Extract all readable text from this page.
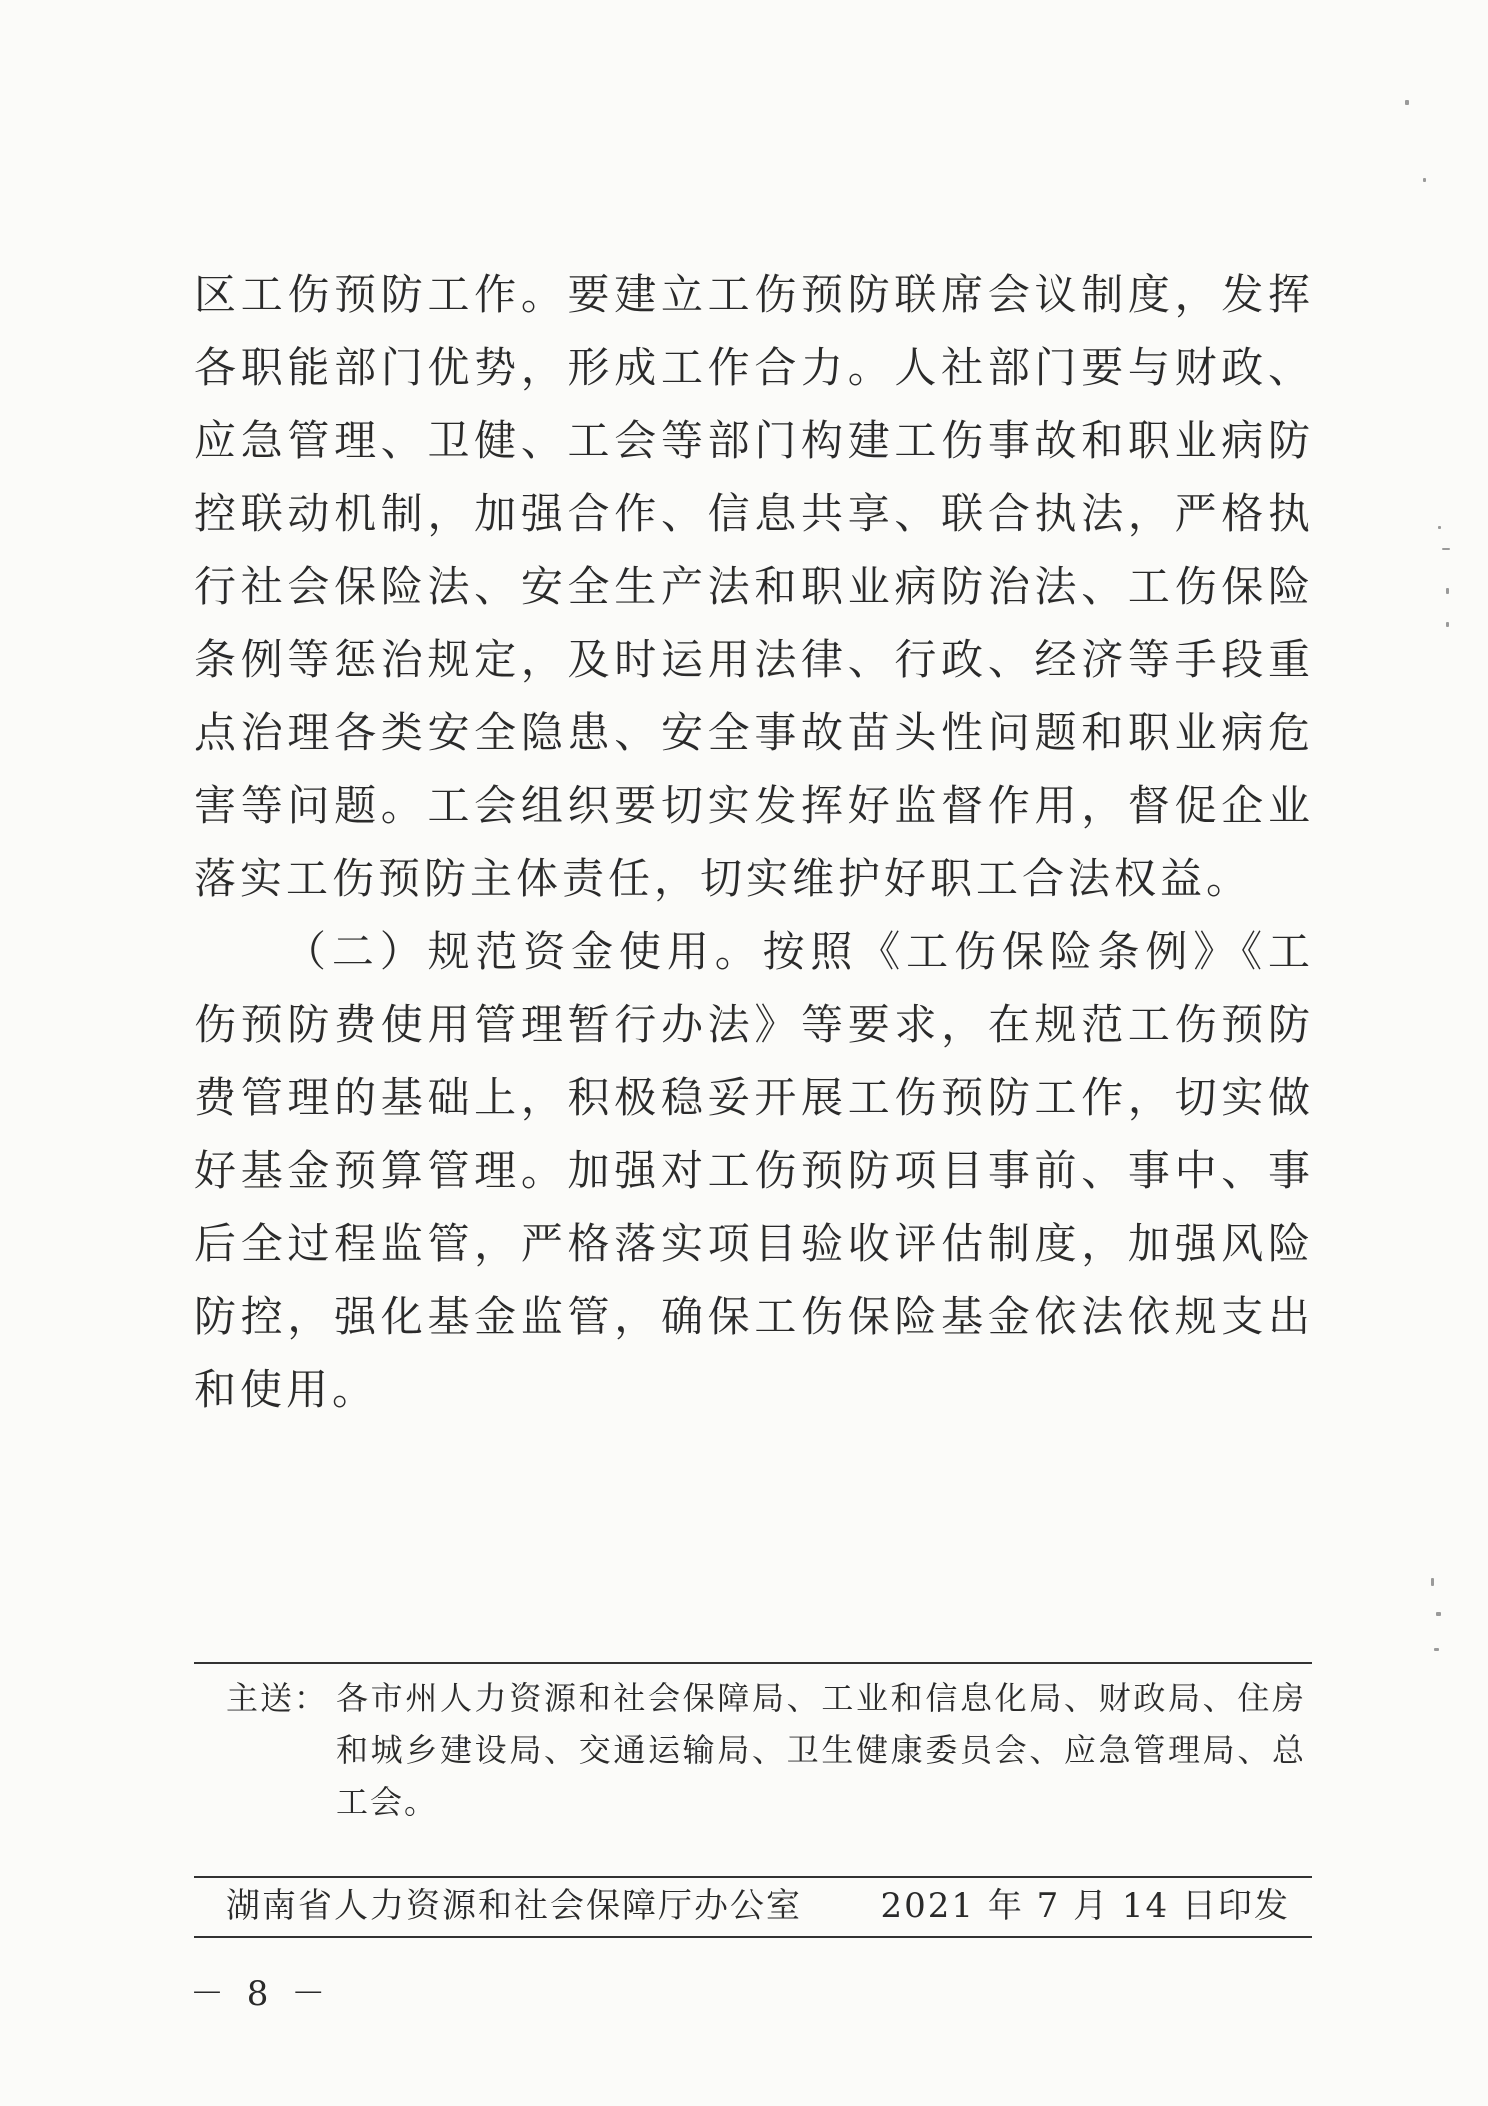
区工伤预防工作。要建立工伤预防联席会议制度，发挥各职能部门优势，形成工作合力。人社部门要与财政、应急管理、卫健、工会等部门构建工伤事故和职业病防控联动机制，加强合作、信息共享、联合执法，严格执行社会保险法、安全生产法和职业病防治法、工伤保险条例等惩治规定，及时运用法律、行政、经济等手段重点治理各类安全隐患、安全事故苗头性问题和职业病危害等问题。工会组织要切实发挥好监督作用，督促企业落实工伤预防主体责任，切实维护好职工合法权益。

（二）规范资金使用。按照《工伤保险条例》《工伤预防费使用管理暂行办法》等要求，在规范工伤预防费管理的基础上，积极稳妥开展工伤预防工作，切实做好基金预算管理。加强对工伤预防项目事前、事中、事后全过程监管，严格落实项目验收评估制度，加强风险防控，强化基金监管，确保工伤保险基金依法依规支出和使用。

主送： 各市州人力资源和社会保障局、工业和信息化局、财政局、住房和城乡建设局、交通运输局、卫生健康委员会、应急管理局、总工会。
湖南省人力资源和社会保障厅办公室 2021 年 7 月 14 日印发
－ 8 －
